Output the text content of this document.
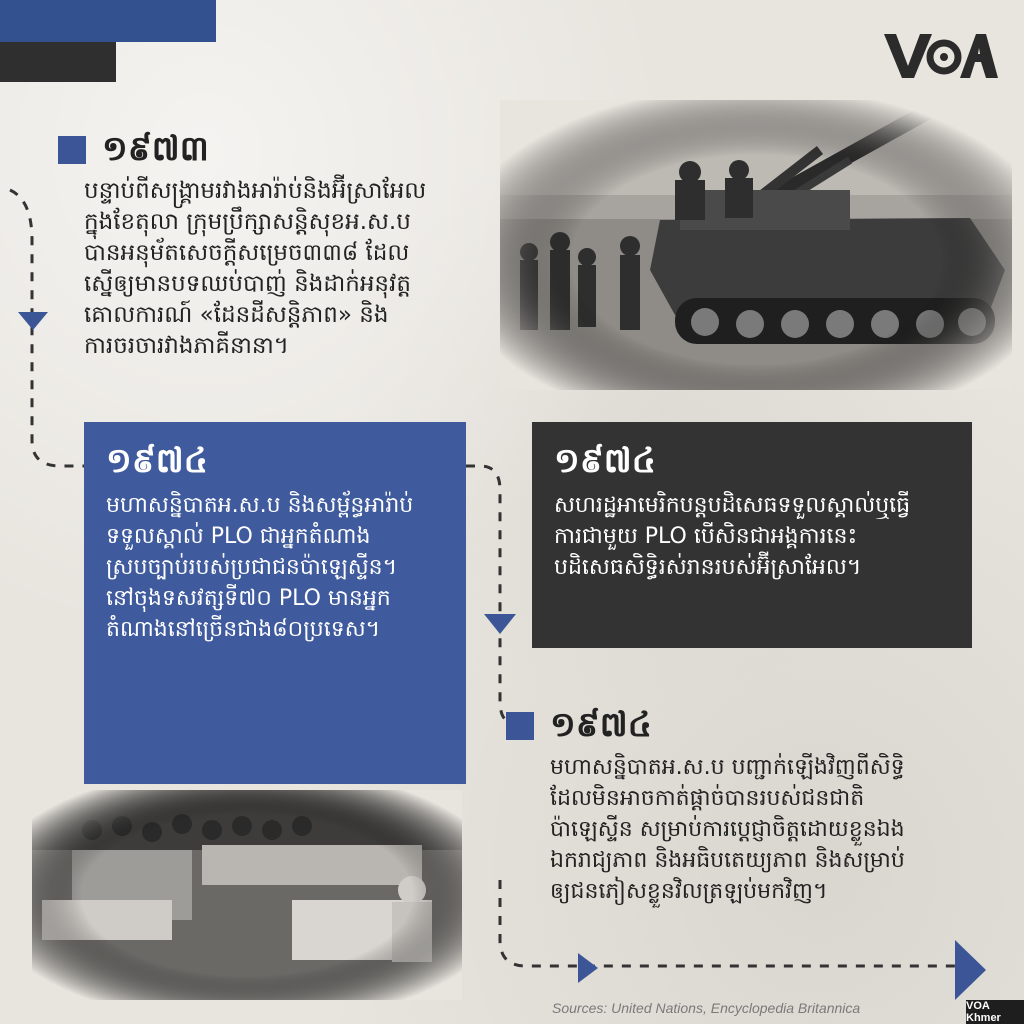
១៩៧៣
បន្ទាប់ពីសង្គ្រាមរវាងអារ៉ាប់និងអ៊ីស្រាអែល
ក្នុងខែតុលា ក្រុមប្រឹក្សាសន្តិសុខអ.ស.ប
បានអនុម័តសេចក្តីសម្រេច៣៣៨ ដែល
ស្នើឲ្យមានបទឈប់បាញ់ និងដាក់អនុវត្ត
គោលការណ៍ «ដែនដីសន្តិភាព» និង
ការចរចារវាងភាគីនានា។
១៩៧៤
មហាសន្និបាតអ.ស.ប និងសម្ព័ន្ធអារ៉ាប់
ទទួលស្គាល់ PLO ជាអ្នកតំណាង
ស្របច្បាប់របស់ប្រជាជនប៉ាឡេស្ទីន។
នៅចុងទសវត្សទី៧០ PLO មានអ្នក
តំណាងនៅច្រើនជាង៨០ប្រទេស។
១៩៧៤
សហរដ្ឋអាមេរិកបន្តបដិសេធទទួលស្គាល់ឬធ្វើ
ការជាមួយ PLO បើសិនជាអង្គការនេះ
បដិសេធសិទ្ធិរស់រានរបស់អ៊ីស្រាអែល។
១៩៧៤
មហាសន្និបាតអ.ស.ប បញ្ជាក់ឡើងវិញពីសិទ្ធិ
ដែលមិនអាចកាត់ផ្តាច់បានរបស់ជនជាតិ
ប៉ាឡេស្ទីន សម្រាប់ការប្តេជ្ញាចិត្តដោយខ្លួនឯង
ឯករាជ្យភាព និងអធិបតេយ្យភាព និងសម្រាប់
ឲ្យជនភៀសខ្លួនវិលត្រឡប់មកវិញ។
Sources: United Nations, Encyclopedia Britannica	VOA Khmer
